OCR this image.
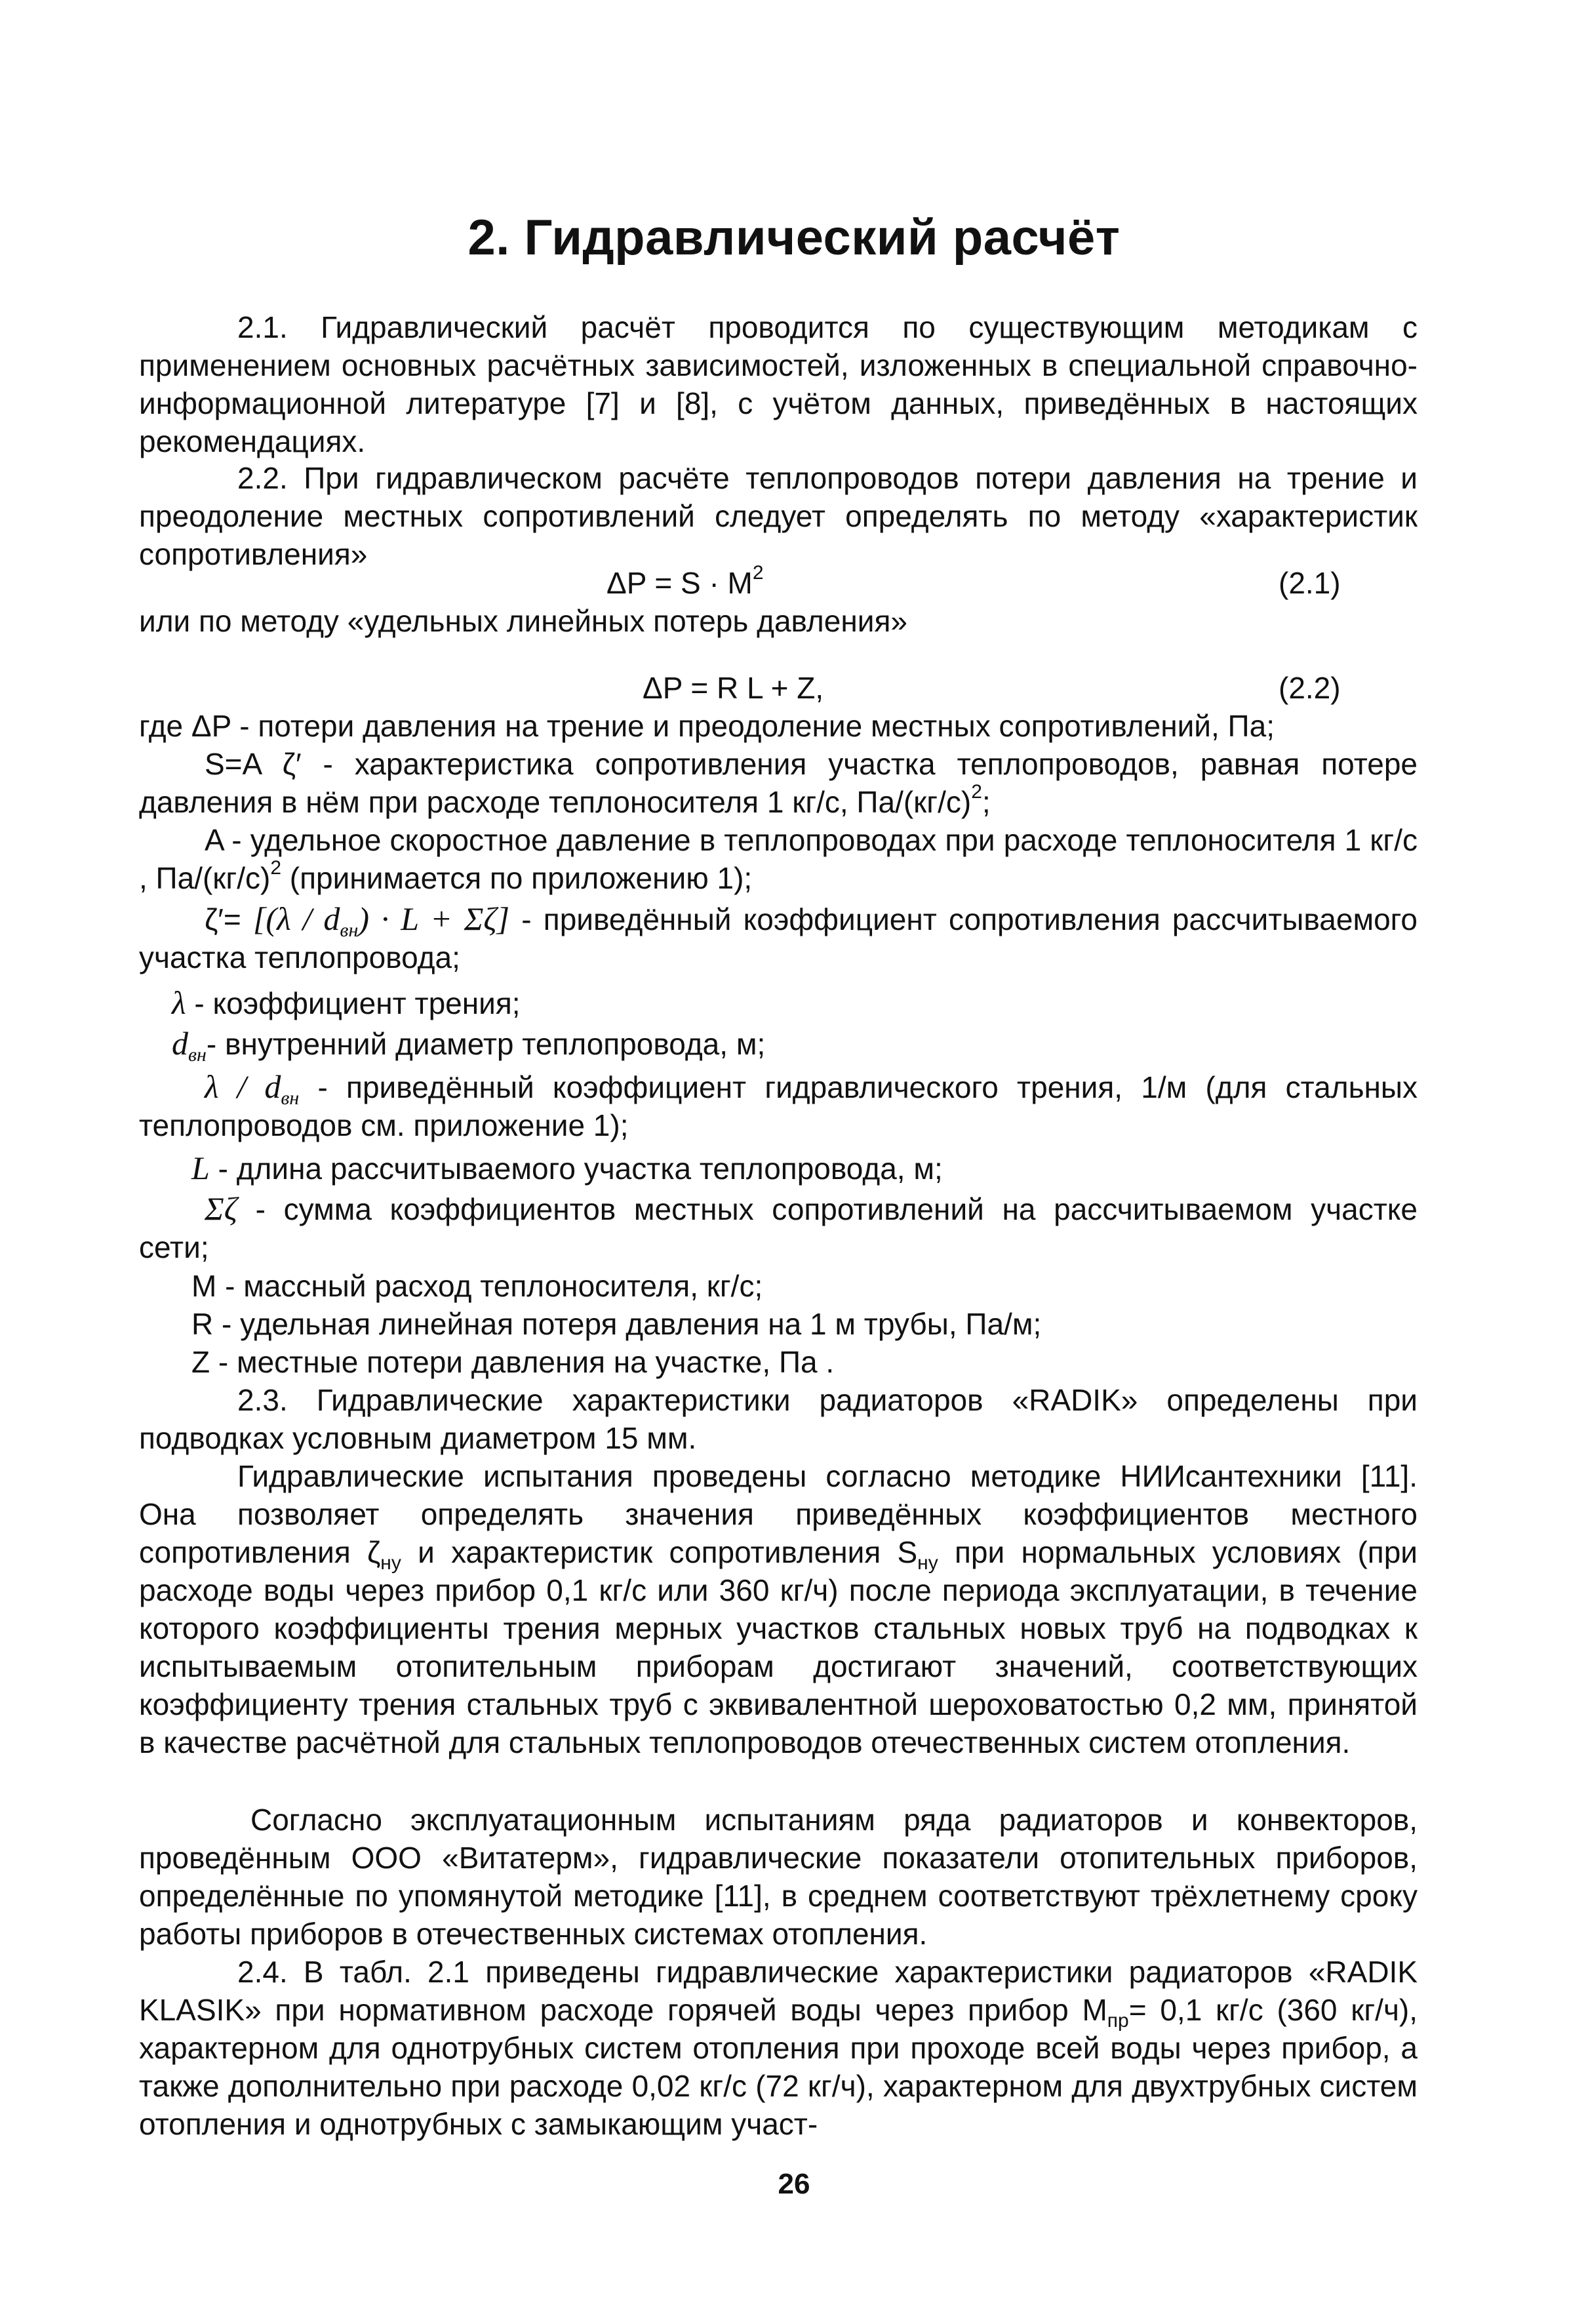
2. Гидравлический расчёт
2.1. Гидравлический расчёт проводится по существующим методикам с применением основных расчётных зависимостей, изложенных в специальной справочно-информационной литературе [7] и [8], с учётом данных, приведённых в настоящих рекомендациях.
2.2. При гидравлическом расчёте теплопроводов потери давления на трение и преодоление местных сопротивлений следует определять по методу «характеристик сопротивления»
$\Delta P = S \cdot M^2$	(2.1)
или по методу «удельных линейных потерь давления»
ΔP = R L + Z,	(2.2)
где ΔP - потери давления на трение и преодоление местных сопротивлений, Па;
S=A ζ′ - характеристика сопротивления участка теплопроводов, равная потере давления в нём при расходе теплоносителя 1 кг/с, $Па/(кг/с)^2$;
A - удельное скоростное давление в теплопроводах при расходе теплоносителя 1 кг/с , $Па/(кг/с)^2$ (принимается по приложению 1);
$\zeta'= [(\lambda / d_{вн}) \cdot L + \Sigma\zeta]$ - приведённый коэффициент сопротивления рассчитываемого участка теплопровода;
λ - коэффициент трения;
$d_{вн}-$ внутренний диаметр теплопровода, м;
λ / $d_{вн}$ - приведённый коэффициент гидравлического трения, 1/м (для стальных теплопроводов см. приложение 1);
L - длина рассчитываемого участка теплопровода, м;
Σζ - сумма коэффициентов местных сопротивлений на рассчитываемом участке сети;
M - массный расход теплоносителя, кг/с;
R - удельная линейная потеря давления на 1 м трубы, Па/м;
Z - местные потери давления на участке, Па .
2.3. Гидравлические характеристики радиаторов «RADIK» определены при подводках условным диаметром 15 мм.
Гидравлические испытания проведены согласно методике НИИсантехники [11]. Она позволяет определять значения приведённых коэффициентов местного сопротивления $\zeta_{ну}$ и характеристик сопротивления $S_{ну}$ при нормальных условиях (при расходе воды через прибор 0,1 кг/с или 360 кг/ч) после периода эксплуатации, в течение которого коэффициенты трения мерных участков стальных новых труб на подводках к испытываемым отопительным приборам достигают значений, соответствующих коэффициенту трения стальных труб с эквивалентной шероховатостью 0,2 мм, принятой в качестве расчётной для стальных теплопроводов отечественных систем отопления.
Согласно эксплуатационным испытаниям ряда радиаторов и конвекторов, проведённым ООО «Витатерм», гидравлические показатели отопительных приборов, определённые по упомянутой методике [11], в среднем соответствуют трёхлетнему сроку работы приборов в отечественных системах отопления.
2.4. В табл. 2.1 приведены гидравлические характеристики радиаторов «RADIK KLASIK» при нормативном расходе горячей воды через прибор $M_{пр}= 0,1$ кг/с (360 кг/ч), характерном для однотрубных систем отопления при проходе всей воды через прибор, а также дополнительно при расходе 0,02 кг/с (72 кг/ч), характерном для двухтрубных систем отопления и однотрубных с замыкающим участ-
26
